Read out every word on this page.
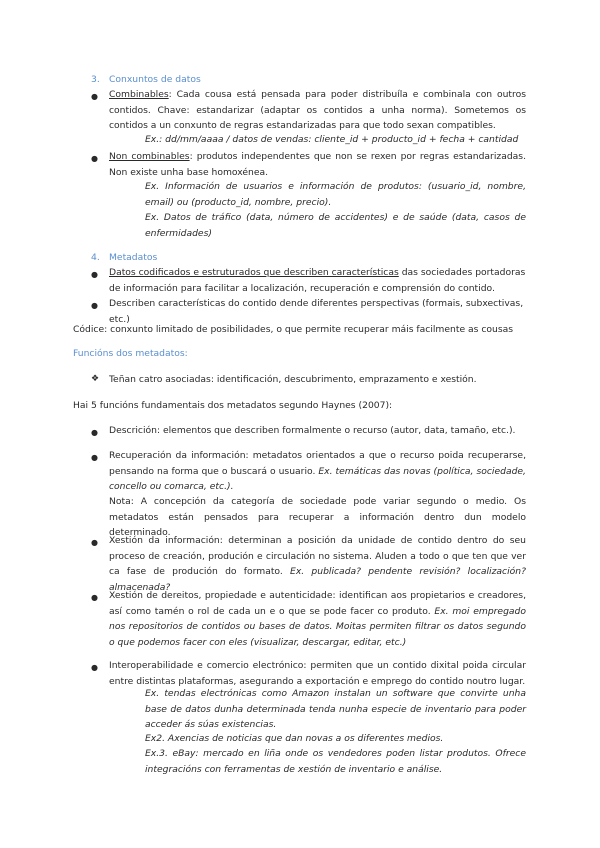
3. Conxuntos de datos
● Combinables: Cada cousa está pensada para poder distribuíla e combinala con outros contidos. Chave: estandarizar (adaptar os contidos a unha norma). Sometemos os contidos a un conxunto de regras estandarizadas para que todo sexan compatibles.

Ex.: dd/mm/aaaa / datos de vendas: cliente_id + producto_id + fecha + cantidad

● Non combinables: produtos independentes que non se rexen por regras estandarizadas. Non existe unha base homoxénea.

Ex. Información de usuarios e información de produtos: (usuario_id, nombre, email) ou (producto_id, nombre, precio).

Ex. Datos de tráfico (data, número de accidentes) e de saúde (data, casos de enfermidades)

4. Metadatos
● Datos codificados e estruturados que describen características das sociedades portadoras de información para facilitar a localización, recuperación e comprensión do contido.

● Describen características do contido dende diferentes perspectivas (formais, subxectivas, etc.)

Códice: conxunto limitado de posibilidades, o que permite recuperar máis facilmente as cousas

Funcións dos metadatos:

❖ Teñan catro asociadas: identificación, descubrimento, emprazamento e xestión.

Hai 5 funcións fundamentais dos metadatos segundo Haynes (2007):

● Descrición: elementos que describen formalmente o recurso (autor, data, tamaño, etc.).

● Recuperación da información: metadatos orientados a que o recurso poida recuperarse, pensando na forma que o buscará o usuario. Ex. temáticas das novas (política, sociedade, concello ou comarca, etc.).

Nota: A concepción da categoría de sociedade pode variar segundo o medio. Os metadatos están pensados para recuperar a información dentro dun modelo determinado.

● Xestión da información: determinan a posición da unidade de contido dentro do seu proceso de creación, produción e circulación no sistema. Aluden a todo o que ten que ver ca fase de produción do formato. Ex. publicada? pendente revisión? localización? almacenada?

● Xestión de dereitos, propiedade e autenticidade: identifican aos propietarios e creadores, así como tamén o rol de cada un e o que se pode facer co produto. Ex. moi empregado nos repositorios de contidos ou bases de datos. Moitas permiten filtrar os datos segundo o que podemos facer con eles (visualizar, descargar, editar, etc.)

● Interoperabilidade e comercio electrónico: permiten que un contido dixital poida circular entre distintas plataformas, asegurando a exportación e emprego do contido noutro lugar.

Ex. tendas electrónicas como Amazon instalan un software que convirte unha base de datos dunha determinada tenda nunha especie de inventario para poder acceder ás súas existencias.

Ex2. Axencias de noticias que dan novas a os diferentes medios.

Ex.3. eBay: mercado en liña onde os vendedores poden listar produtos. Ofrece integracións con ferramentas de xestión de inventario e análise.
